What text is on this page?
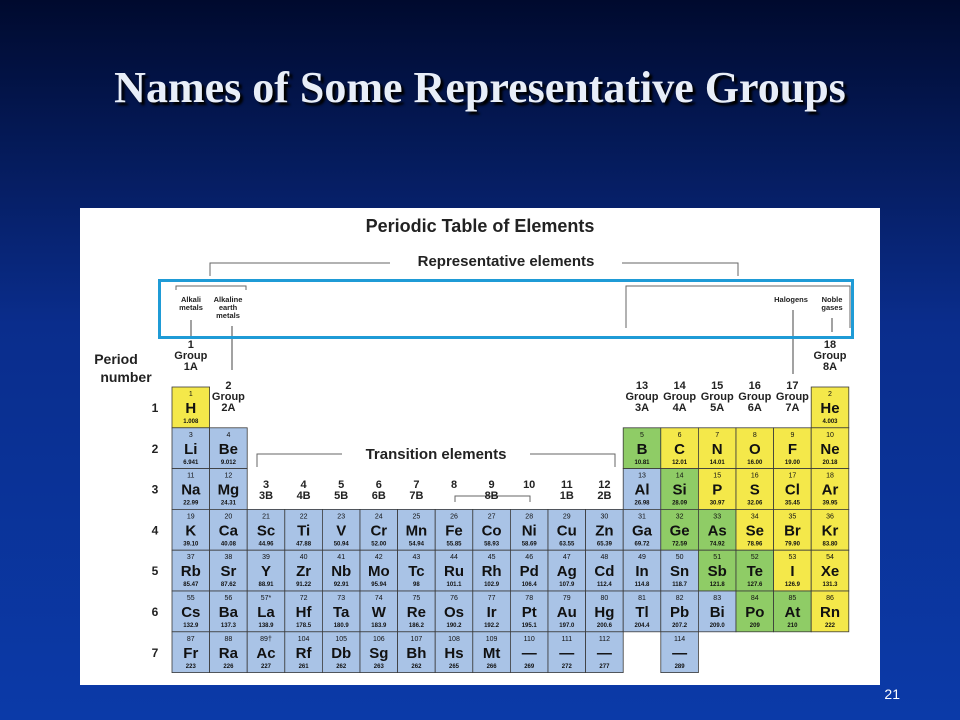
Names of Some Representative Groups
Periodic Table of Elements
Representative elements
Transition elements
Period
number
Alkali
metals
Alkaline
earth
metals
Halogens Noble
gases
1
Group
1A
2
Group
2A
13
Group
3A
14
Group
4A
15
Group
5A
16
Group
6A
17
Group
7A
18
Group
8A
3
3B
4
4B
5
5B
6
6B
7
7B
8	9
8B
10 11
1B
12
2B
1
2
3
4
5
6
7
1
H
1.008
2
He
4.003
3
Li
6.941
4
Be
9.012
5
B
10.81
6
C
12.01
7
N
14.01
8
O
16.00
9
F
19.00
10
Ne
20.18
11
Na
22.99
12
Mg
24.31
13
Al
26.98
14
Si
28.09
15
P
30.97
16
S
32.06
17
Cl
35.45
18
Ar
39.95
19
K
39.10
20
Ca
40.08
21
Sc
44.96
22
Ti
47.88
23
V
50.94
24
Cr
52.00
25
Mn
54.94
26
Fe
55.85
27
Co
58.93
28
Ni
58.69
29
Cu
63.55
30
Zn
65.39
31
Ga
69.72
32
Ge
72.59
33
As
74.92
34
Se
78.96
35
Br
79.90
36
Kr
83.80
37
Rb
85.47
38
Sr
87.62
39
Y
88.91
40
Zr
91.22
41
Nb
92.91
42
Mo
95.94
43
Tc
98
44
Ru
101.1
45
Rh
102.9
46
Pd
106.4
47
Ag
107.9
48
Cd
112.4
49
In
114.8
50
Sn
118.7
51
Sb
121.8
52
Te
127.6
53
I
126.9
54
Xe
131.3
55
Cs
132.9
56
Ba
137.3
57*
La
138.9
72
Hf
178.5
73
Ta
180.9
74
W
183.9
75
Re
186.2
76
Os
190.2
77
Ir
192.2
78
Pt
195.1
79
Au
197.0
80
Hg
200.6
81
Tl
204.4
82
Pb
207.2
83
Bi
209.0
84
Po
209
85
At
210
86
Rn
222
87
Fr
223
88
Ra
226
89†
Ac
227
104
Rf
261
105
Db
262
106
Sg
263
107
Bh
262
108
Hs
265
109
Mt
266
110
—
269
111
—
272
112
—
277
114
—
289
21
